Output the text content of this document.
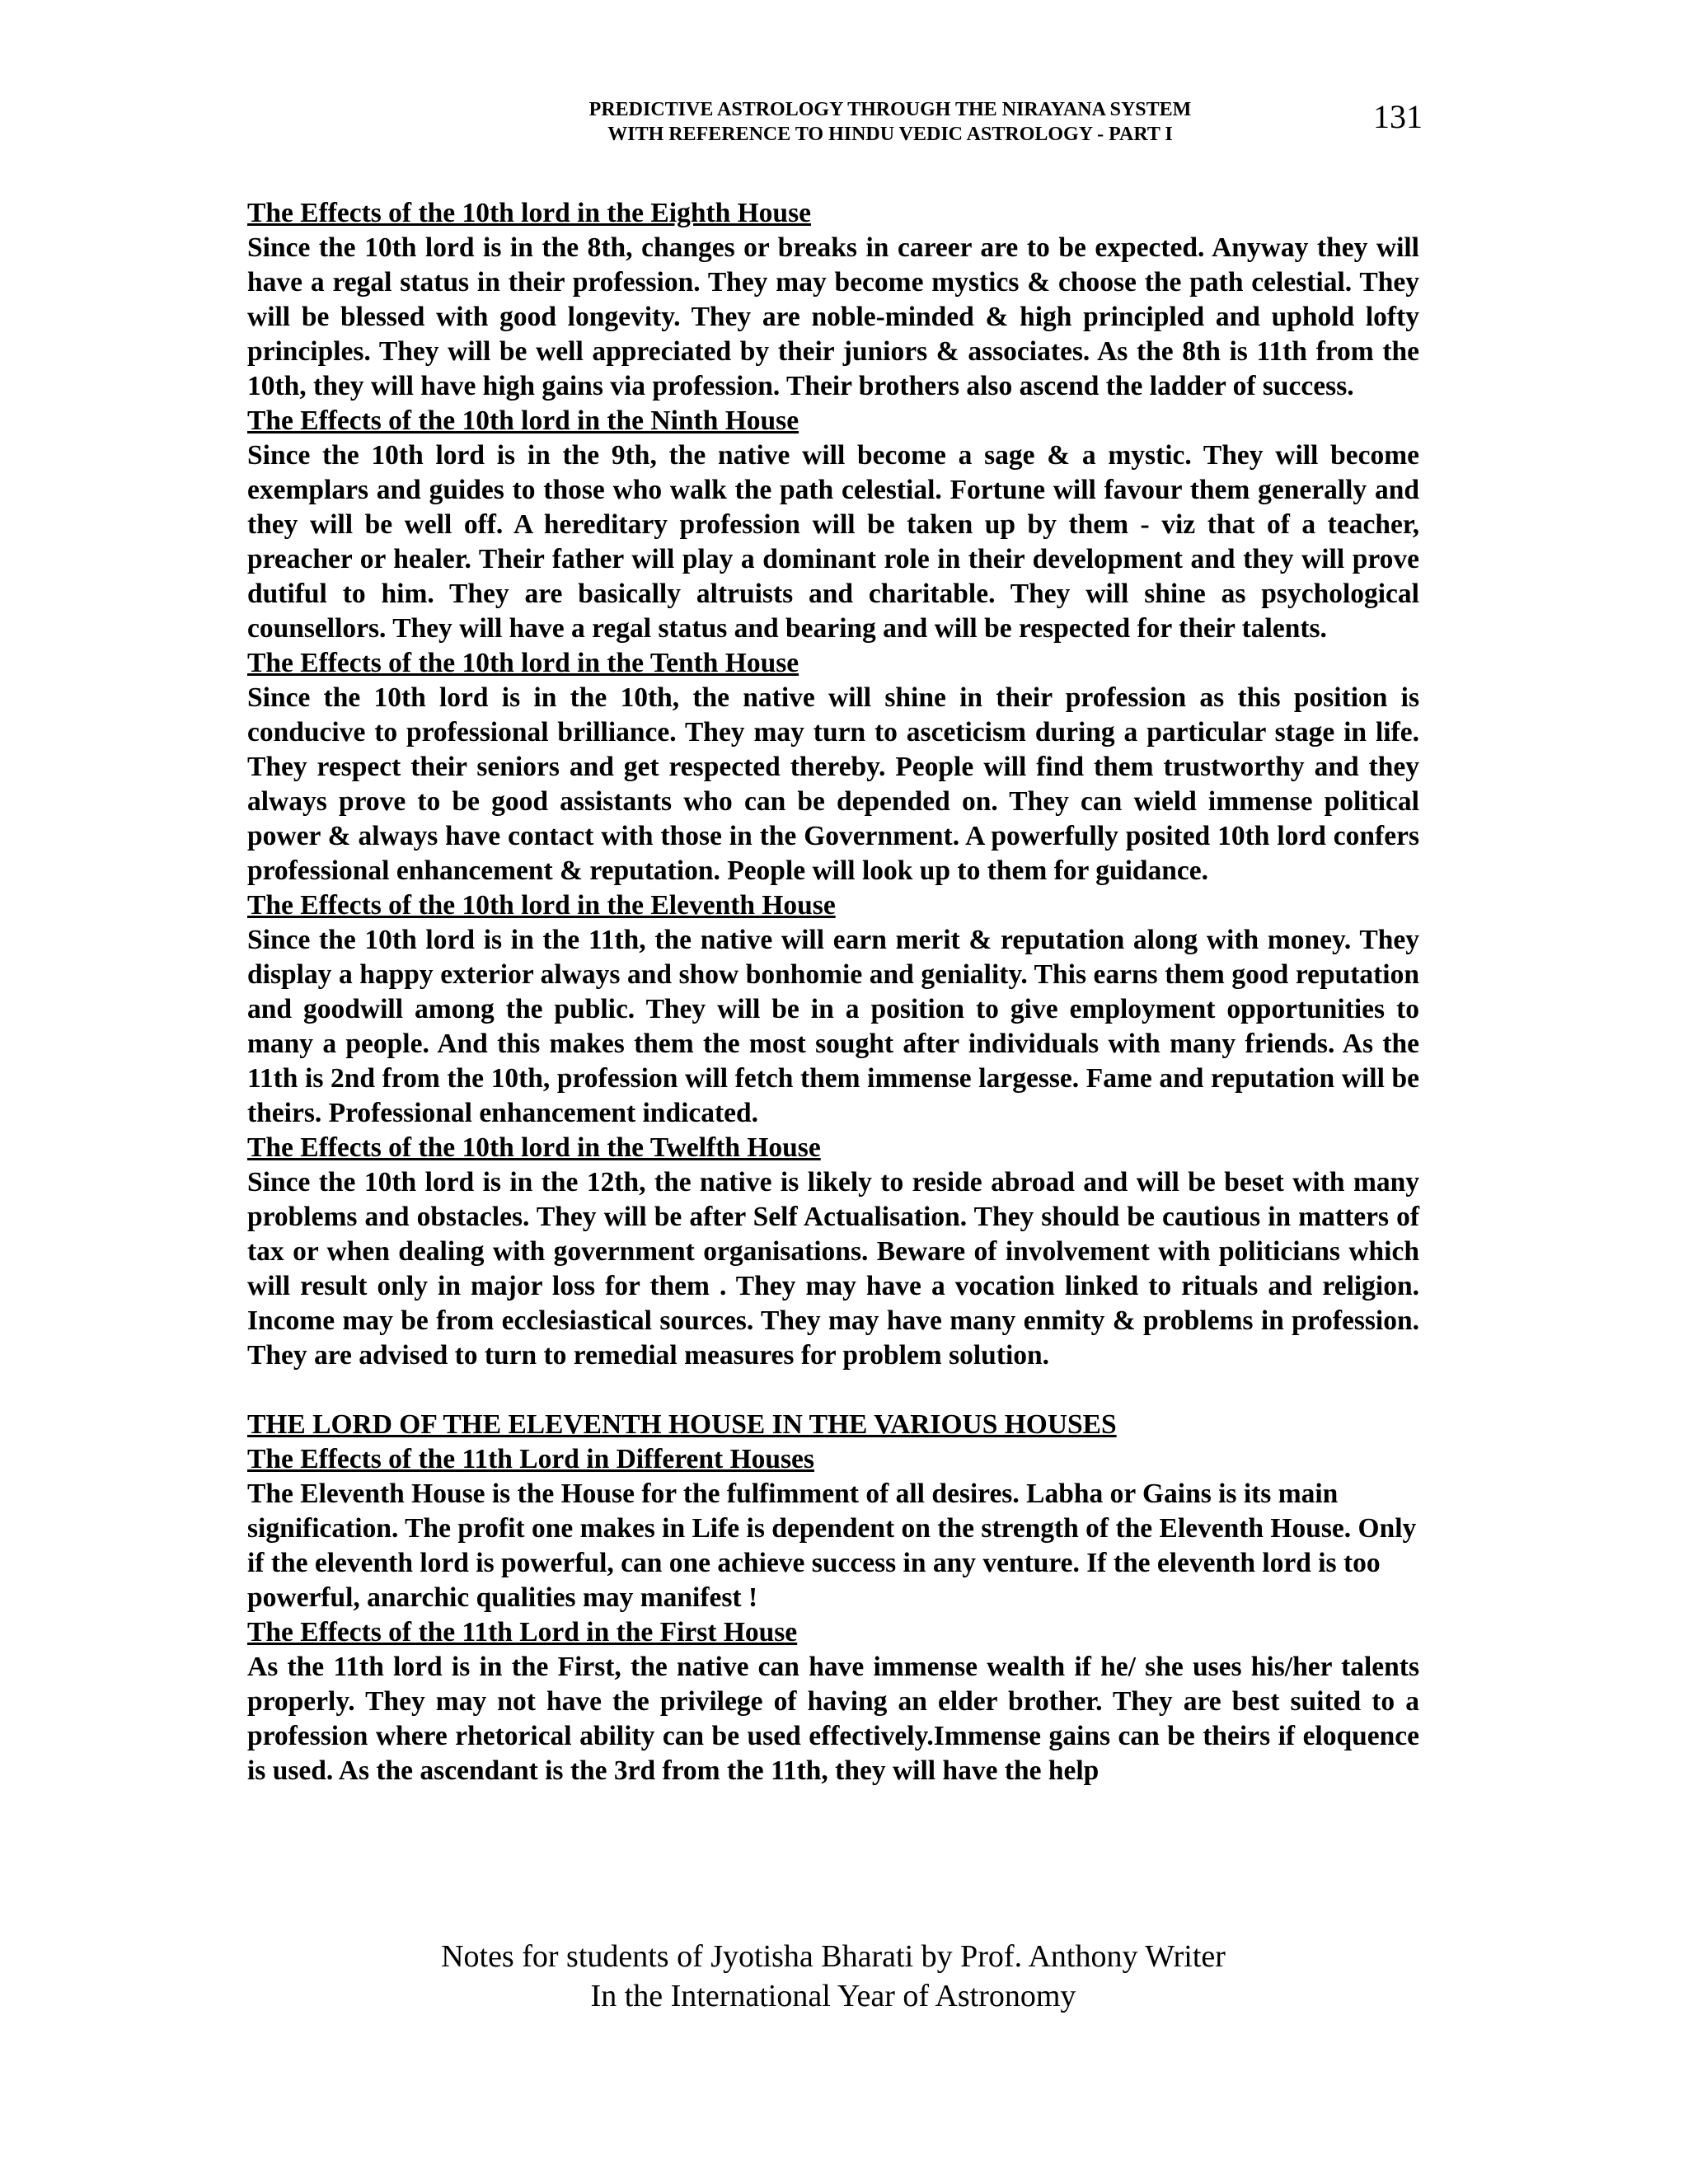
PREDICTIVE ASTROLOGY THROUGH THE NIRAYANA SYSTEM
WITH REFERENCE TO HINDU VEDIC ASTROLOGY - PART I	131
The Effects of the 10th lord in the Eighth House
Since the 10th lord is in the 8th, changes or breaks in career are to be expected. Anyway they will have a regal status in their profession. They may become mystics & choose the path celestial. They will be blessed with good longevity. They are noble-minded & high principled and uphold lofty principles. They will be well appreciated by their juniors & associates. As the 8th is 11th from the 10th, they will have high gains via profession. Their brothers also ascend the ladder of success.
The Effects of the 10th lord in the Ninth House
Since the 10th lord is in the 9th, the native will become a sage & a mystic. They will become exemplars and guides to those who walk the path celestial. Fortune will favour them generally and they will be well off. A hereditary profession will be taken up by them - viz that of a teacher, preacher or healer. Their father will play a dominant role in their development and they will prove dutiful to him. They are basically altruists and charitable. They will shine as psychological counsellors. They will have a regal status and bearing and will be respected for their talents.
The Effects of the 10th lord in the Tenth House
Since the 10th lord is in the 10th, the native will shine in their profession as this position is conducive to professional brilliance. They may turn to asceticism during a particular stage in life. They respect their seniors and get respected thereby. People will find them trustworthy and they always prove to be good assistants who can be depended on. They can wield immense political power & always have contact with those in the Government. A powerfully posited 10th lord confers professional enhancement & reputation. People will look up to them for guidance.
The Effects of the 10th lord in the Eleventh House
Since the 10th lord is in the 11th, the native will earn merit & reputation along with money. They display a happy exterior always and show bonhomie and geniality. This earns them good reputation and goodwill among the public. They will be in a position to give employment opportunities to many a people. And this makes them the most sought after individuals with many friends. As the 11th is 2nd from the 10th, profession will fetch them immense largesse. Fame and reputation will be theirs. Professional enhancement indicated.
The Effects of the 10th lord in the Twelfth House
Since the 10th lord is in the 12th, the native is likely to reside abroad and will be beset with many problems and obstacles. They will be after Self Actualisation. They should be cautious in matters of tax or when dealing with government organisations. Beware of involvement with politicians which will result only in major loss for them . They may have a vocation linked to rituals and religion. Income may be from ecclesiastical sources. They may have many enmity & problems in profession. They are advised to turn to remedial measures for problem solution.
THE LORD OF THE ELEVENTH HOUSE IN THE VARIOUS HOUSES
The Effects of the 11th Lord in Different Houses
The Eleventh House is the House for the fulfimment of all desires. Labha or Gains is its main signification. The profit one makes in Life is dependent on the strength of the Eleventh House. Only if the eleventh lord is powerful, can one achieve success in any venture. If the eleventh lord is too powerful, anarchic qualities may manifest !
The Effects of the 11th Lord in the First House
As the 11th lord is in the First, the native can have immense wealth if he/ she uses his/her talents properly. They may not have the privilege of having an elder brother. They are best suited to a profession where rhetorical ability can be used effectively.Immense gains can be theirs if eloquence is used. As the ascendant is the 3rd from the 11th, they will have the help
Notes for students of Jyotisha Bharati by Prof. Anthony Writer
In the International Year of Astronomy
